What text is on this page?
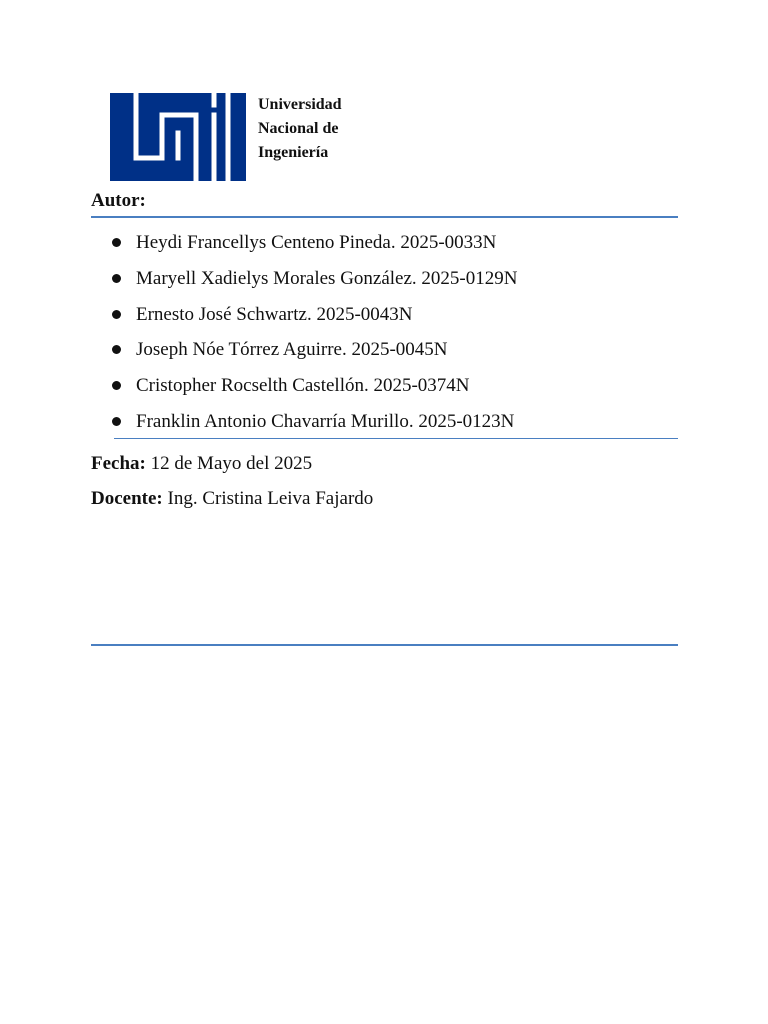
Universidad
Nacional de
Ingeniería
Autor:
Heydi Francellys Centeno Pineda. 2025-0033N
Maryell Xadielys Morales González. 2025-0129N
Ernesto José Schwartz. 2025-0043N
Joseph Nóe Tórrez Aguirre. 2025-0045N
Cristopher Rocselth Castellón. 2025-0374N
Franklin Antonio Chavarría Murillo. 2025-0123N
Fecha: 12 de Mayo del 2025
Docente: Ing. Cristina Leiva Fajardo
